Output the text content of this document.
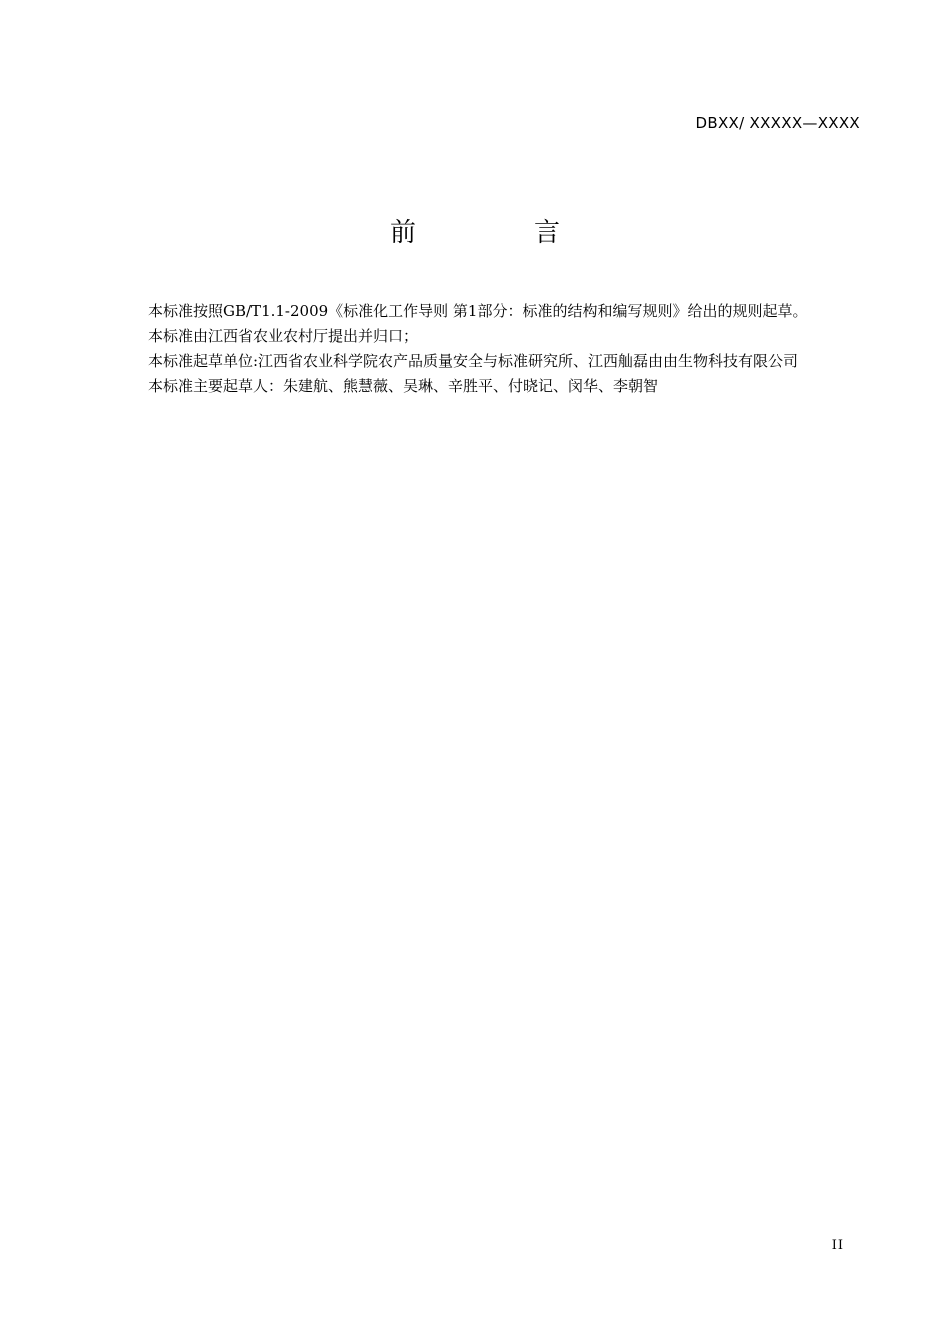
DBXX/ XXXXX—XXXX
前　言

本标准按照GB/T1.1-2009《标准化工作导则 第1部分：标准的结构和编写规则》给出的规则起草。

本标准由江西省农业农村厅提出并归口；

本标准起草单位:江西省农业科学院农产品质量安全与标准研究所、江西舢磊由由生物科技有限公司

本标准主要起草人：朱建航、熊慧薇、吴琳、辛胜平、付晓记、闵华、李朝智

II
